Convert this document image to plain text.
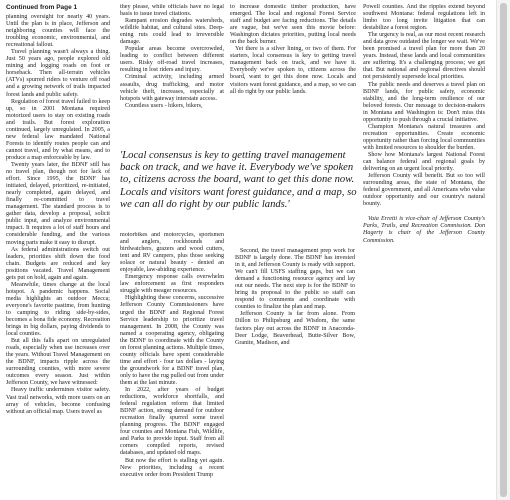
Continued from Page 1

planning oversight for nearly 40 years. Until the plan is in place, Jefferson and neighboring counties will face the troubling economic, environmental, and recreational fallout.

Travel planning wasn't always a thing. Just 50 years ago, people explored old mining and logging roads on foot or horseback. Then all-terrain vehicles (ATVs) spurred riders to venture off road and a growing network of trails impacted forest lands and public safety.

Regulation of forest travel failed to keep up, so in 2001 Montana required motorized users to stay on existing roads and trails. But forest exploration continued, largely unregulated. In 2005, a new federal law mandated National Forests to identify routes people can and cannot travel, and by what means, and to produce a map enforceable by law.

Twenty years later, the BDNF still has no travel plan, though not for lack of effort. Since 1995, the BDNF has initiated, delayed, prioritized, re-initiated, nearly completed, again delayed, and finally re-committed to travel management. The standard process is to gather data, develop a proposal, solicit public input, and analyze environmental impact. It requires a lot of staff hours and considerable funding, and the various moving parts make it easy to disrupt.

As federal administrations switch out leaders, priorities shift down the food chain. Budgets are reduced and key positions vacated. Travel Management gets put on hold, again and again.

Meanwhile, times change at the local hotspot. A pandemic happens. Social media highlights an outdoor Mecca; everyone's favorite pastime, from hunting to camping to riding side-by-sides, becomes a bona fide economy. Recreation brings in big dollars, paying dividends to local counties.

But all this falls apart on unregulated roads, especially when use increases over the years. Without Travel Management on the BDNF, impacts ripple across the surrounding counties, with more severe outcomes every season. Just within Jefferson County, we have witnessed:

Heavy traffic undermines visitor safety. Vast trail networks, with more users on an array of vehicles, become confusing without an official map. Users travel as

they please, while officials have no legal basis to issue travel citations.

Rampant erosion degrades watersheds, wildlife habitat, and cultural sites. Deep-ening ruts could lead to irreversible damage.

Popular areas become overcrowded, leading to conflict between different users. Risky off-road travel increases, resulting in lost riders and injury.

Criminal activity, including armed assaults, drug trafficking, and motor vehicle theft, increases, especially at hotspots with gateway interstate access.

Countless users - hikers, bikers,

to increase domestic timber production, have emerged. The local and regional Forest Service staff and budget are facing reductions. The details are vague, but we've seen this movie before: Washington dictates priorities, putting local needs on the back burner.

Yet there is a silver lining, or two of them. For starters, local consensus is key to getting travel management back on track, and we have it. Everybody we've spoken to, citizens across the board, want to get this done now. Locals and visitors want forest guidance, and a map, so we can all do right by our public lands.

'Local consensus is key to getting travel management back on track, and we have it. Everybody we've spoken to, citizens across the board, want to get this done now. Locals and visitors want forest guidance, and a map, so we can all do right by our public lands.'

motorbikes and motorcycles, sportsmen and anglers, rockhounds and birdwatchers, grazers and wood cutters, tent and RV campers, plus those seeking solace or natural beauty - denied an enjoyable, law-abiding experience.

Emergency response calls overwhelm law enforcement as first responders struggle with meager resources.

Highlighting these concerns, successive Jefferson County Commissioners have urged the BDNF and Regional Forest Service leadership to prioritize travel management. In 2008, the County was named a cooperating agency, obligating the BDNF to coordinate with the County on forest planning actions. Multiple times, county officials have spent considerable time and effort - four tax dollars - laying the groundwork for a BDNF travel plan, only to have the rug pulled out from under them at the last minute.

In 2022, after years of budget reductions, workforce shortfalls, and federal regulation reform that limited BDNF action, strong demand for outdoor recreation finally spurred some travel planning progress. The BDNF engaged four counties and Montana Fish, Wildlife, and Parks to provide input. Staff from all corners compiled reports, revised databases, and updated old maps.

But now the effort is stalling yet again. New priorities, including a recent executive order from President Trump

Second, the travel management prep work for BDNF is largely done. The BDNF has invested in it, and Jefferson County is ready with support. We can't fill USFS staffing gaps, but we can demand a functioning resource agency and lay out our needs. The next step is for the BDNF to bring its proposal to the public so staff can respond to comments and coordinate with counties to finalize the plan and map.

Jefferson County is far from alone. From Dillon to Philipsburg and Wisdom, the same factors play out across the BDNF in Anaconda-Deer Lodge, Beaverhead, Butte-Silver Bow, Granite, Madison, and

Powell counties. And the ripples extend beyond southwest Montana: federal regulations left in limbo too long invite litigation that can destabilize a forest region.

The urgency is real, as our most recent research and data grow outdated the longer we wait. We've been promised a travel plan for more than 20 years. Instead, these lands and local communities are suffering. It's a challenging process; we get that. But national and regional directives should not persistently supersede local priorities.

The public needs and deserves a travel plan on BDNF lands, for public safety, economic stability, and the long-term resilience of our beloved forests. Our message to decision-makers in Montana and Washington is: Don't miss this opportunity to push through a crucial initiative.

Champion Montana's natural treasures and recreation opportunities. Create economic opportunity rather than forcing local communities with limited resources to shoulder the burden.

Show how Montana's largest National Forest can balance federal and regional goals by delivering on an urgent local priority.

Jefferson County will benefit. But so too will surrounding areas, the state of Montana, the federal government, and all Americans who value outdoor opportunity and our country's natural bounty.

Vaia Erretti is vice-chair of Jefferson County's Parks, Trails, and Recreation Commission. Don Hagerty is chair of the Jefferson County Commission.
